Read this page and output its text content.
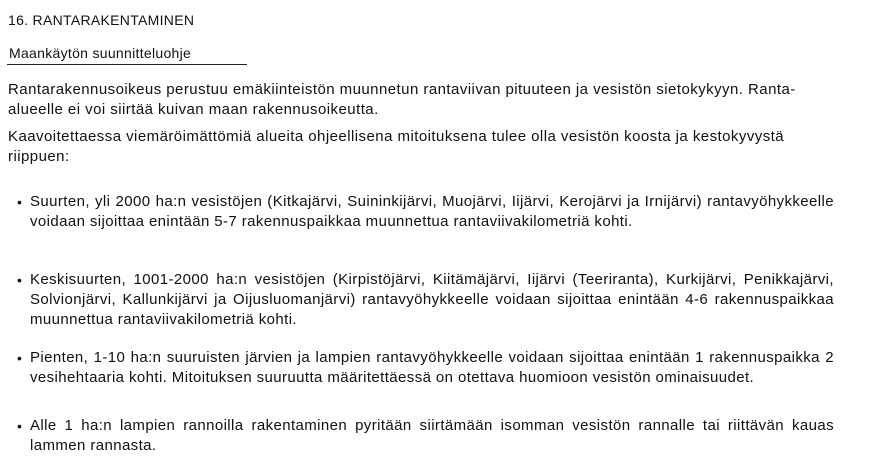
16. RANTARAKENTAMINEN
Maankäytön suunnitteluohje

Rantarakennusoikeus perustuu emäkiinteistön muunnetun rantaviivan pituuteen ja vesistön sietokykyyn. Ranta-alueelle ei voi siirtää kuivan maan rakennusoikeutta.

Kaavoitettaessa viemäröimättömiä alueita ohjeellisena mitoituksena tulee olla vesistön koosta ja kestokyvystä riippuen:

• Suurten, yli 2000 ha:n vesistöjen (Kitkajärvi, Suininkijärvi, Muojärvi, Iijärvi, Kerojärvi ja Irnijärvi) rantavyöhykkeelle voidaan sijoittaa enintään 5-7 rakennuspaikkaa muunnettua rantaviivakilometriä kohti.
• Keskisuurten, 1001-2000 ha:n vesistöjen (Kirpistöjärvi, Kiitämäjärvi, Iijärvi (Teeriranta), Kurkijärvi, Penikkajärvi, Solvionjärvi, Kallunkijärvi ja Oijusluomanjärvi) rantavyöhykkeelle voidaan sijoittaa enintään 4-6 rakennuspaikkaa muunnettua rantaviivakilometriä kohti.
• Pienten, 1-10 ha:n suuruisten järvien ja lampien rantavyöhykkeelle voidaan sijoittaa enintään 1 rakennuspaikka 2 vesihehtaaria kohti. Mitoituksen suuruutta määritettäessä on otettava huomioon vesistön ominaisuudet.
• Alle 1 ha:n lampien rannoilla rakentaminen pyritään siirtämään isomman vesistön rannalle tai riittävän kauas lammen rannasta.
